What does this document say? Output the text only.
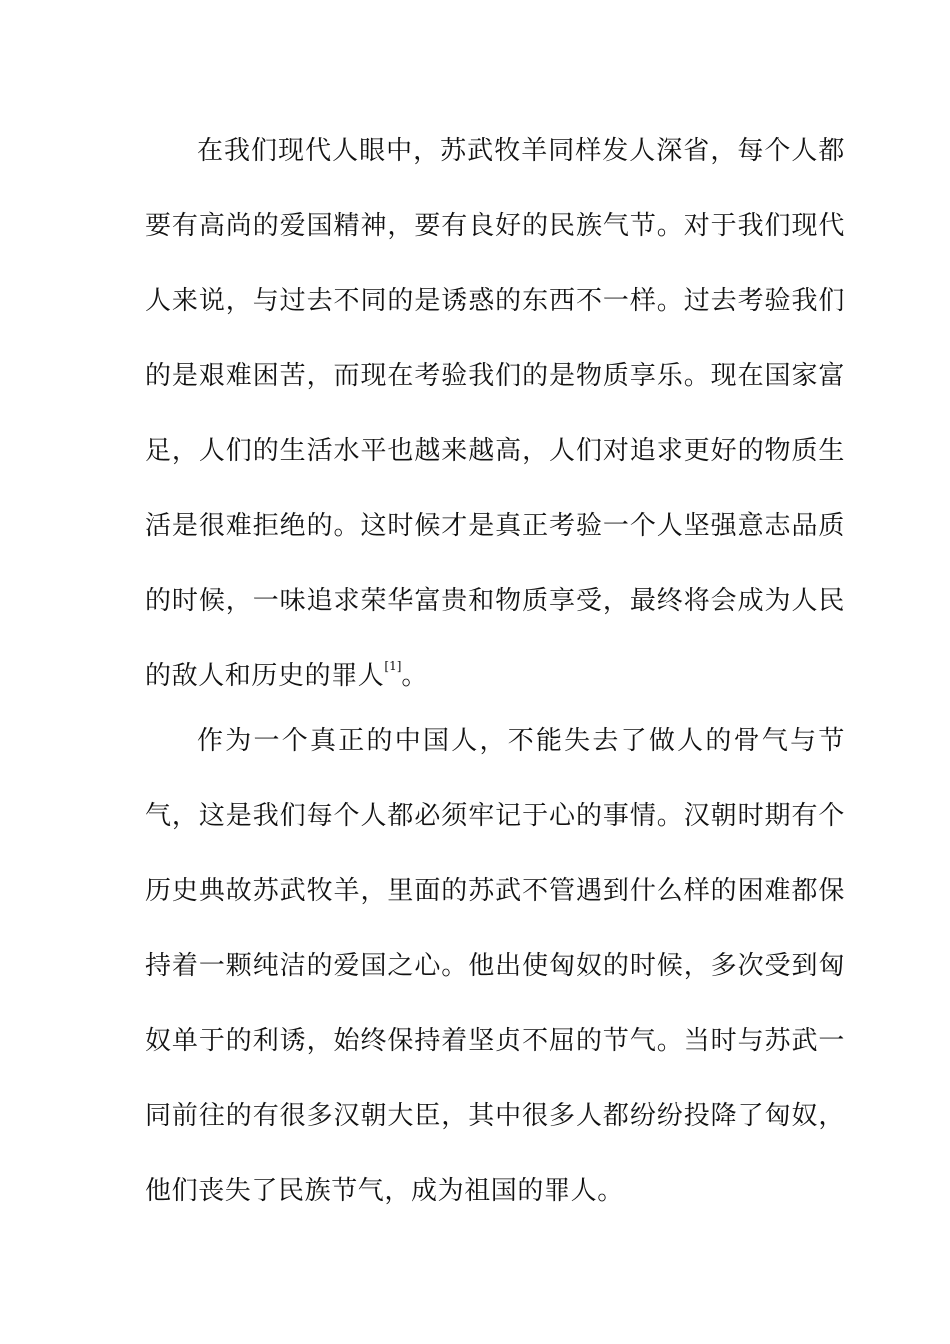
在我们现代人眼中，苏武牧羊同样发人深省，每个人都要有高尚的爱国精神，要有良好的民族气节。对于我们现代人来说，与过去不同的是诱惑的东西不一样。过去考验我们的是艰难困苦，而现在考验我们的是物质享乐。现在国家富足，人们的生活水平也越来越高，人们对追求更好的物质生活是很难拒绝的。这时候才是真正考验一个人坚强意志品质的时候，一味追求荣华富贵和物质享受，最终将会成为人民的敌人和历史的罪人[1]。

作为一个真正的中国人，不能失去了做人的骨气与节气，这是我们每个人都必须牢记于心的事情。汉朝时期有个历史典故苏武牧羊，里面的苏武不管遇到什么样的困难都保持着一颗纯洁的爱国之心。他出使匈奴的时候，多次受到匈奴单于的利诱，始终保持着坚贞不屈的节气。当时与苏武一同前往的有很多汉朝大臣，其中很多人都纷纷投降了匈奴，他们丧失了民族节气，成为祖国的罪人。
